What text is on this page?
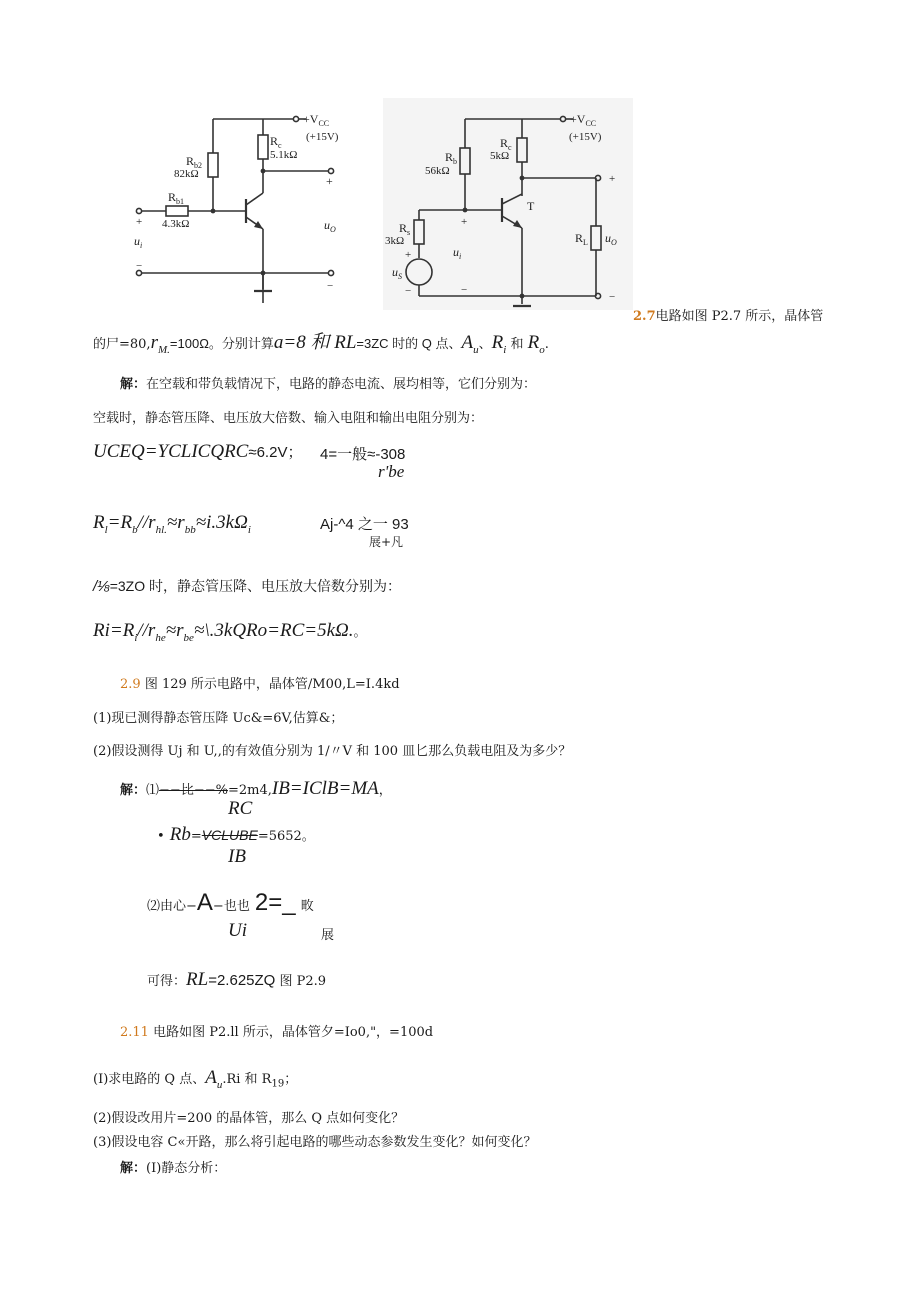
$+V_{CC}$
(+15V)
$R_c$
5.1kΩ
$R_{b2}$
82kΩ
$R_{b1}$
4.3kΩ
+
+
−
−
$u_i$
$u_O$
$+V_{CC}$
(+15V)
$R_b$
56kΩ
$R_c$
5kΩ
$R_s$
3kΩ
+
$u_S$
−
$u_i$
+
−
T
$R_L$ $u_O$
+
−
2.7电路如图 P2.7 所示，晶体管
的尸$=80,r_{M.}=100\Omega$。分别计算a=8 和 RL=3ZC 时的 Q 点、$A_u$、$R_i$ 和 $R_o$.
解：在空载和带负载情况下，电路的静态电流、展均相等，它们分别为：
空载时，静态管压降、电压放大倍数、输入电阻和输出电阻分别为：
UCEQ=YCLICQRC≈6.2V； 4=一般≈-308
r'be
$R_l=R_b//r_{hl.}\approx r_{bb}\approx i.3k\Omega_i$	Aj-^4 之一 93
展+凡
/⅛=3ZO 时，静态管压降、电压放大倍数分别为：
$Ri=R_i//r_{he}\approx r_{be}\approx\backslash.3kQRo=RC=5k\Omega$.。
2.9 图 129 所示电路中，晶体管/M00,L=I.4kd
(1)现已测得静态管压降 Uc&=6V,估算&；
(2)假设测得 Uj 和 U,,的有效值分别为 1/〃V 和 100 皿匕那么负载电阻及为多少？
解：⑴−−比−−%=2m4,IB=IClB=MA，
RC
• Rb=VCLUBE=5652。
IB
⑵由心−A−也也 2=_ 畋
Ui	展
可得：RL=2.625ZQ 图 P2.9
2.11 电路如图 P2.ll 所示，晶体管夕=Io0,"，=100d
(I)求电路的 Q 点、$A_u.Ri$ 和 $R_{19}$；
(2)假设改用片=200 的晶体管，那么 Q 点如何变化？
(3)假设电容 C«开路，那么将引起电路的哪些动态参数发生变化？如何变化？
解：(I)静态分析：
